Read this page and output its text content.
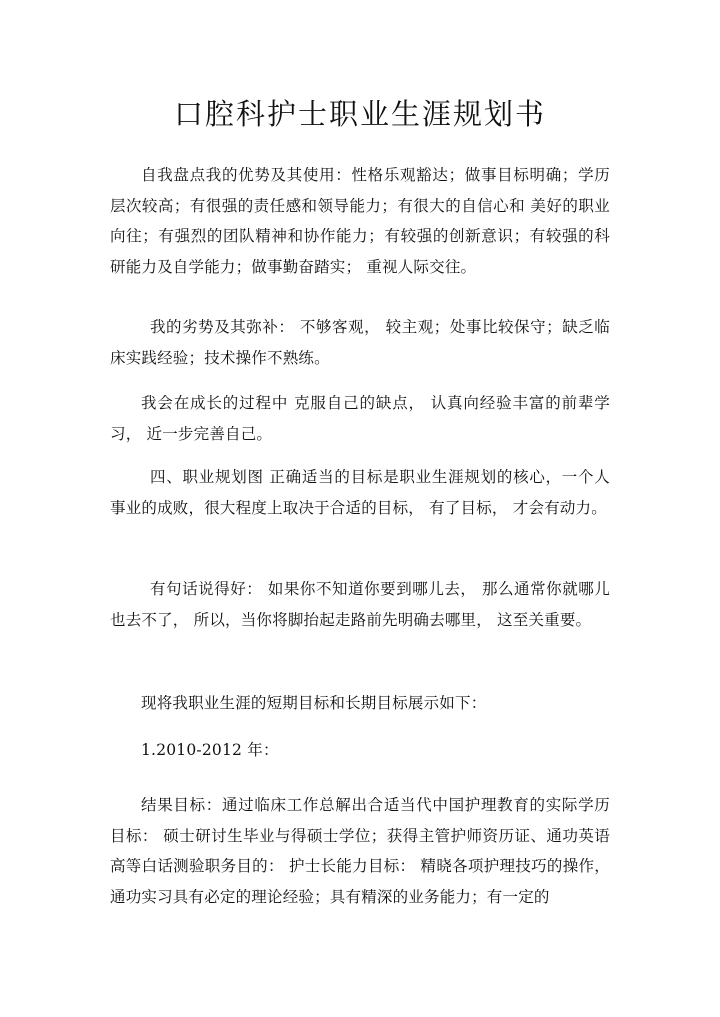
口腔科护士职业生涯规划书

自我盘点我的优势及其使用：性格乐观豁达；做事目标明确；学历层次较高；有很强的责任感和领导能力；有很大的自信心和 美好的职业向往；有强烈的团队精神和协作能力；有较强的创新意识；有较强的科研能力及自学能力；做事勤奋踏实； 重视人际交往。

我的劣势及其弥补： 不够客观， 较主观；处事比较保守；缺乏临床实践经验；技术操作不熟练。

我会在成长的过程中 克服自己的缺点， 认真向经验丰富的前辈学习， 近一步完善自己。

四、职业规划图 正确适当的目标是职业生涯规划的核心，一个人事业的成败，很大程度上取决于合适的目标， 有了目标， 才会有动力。

有句话说得好： 如果你不知道你要到哪儿去， 那么通常你就哪儿也去不了， 所以，当你将脚抬起走路前先明确去哪里， 这至关重要。

现将我职业生涯的短期目标和长期目标展示如下：

1.2010-2012 年：

结果目标：通过临床工作总解出合适当代中国护理教育的实际学历目标： 硕士研讨生毕业与得硕士学位；获得主管护师资历证、通功英语高等白话测验职务目的： 护士长能力目标： 精晓各项护理技巧的操作，通功实习具有必定的理论经验；具有精深的业务能力；有一定的
